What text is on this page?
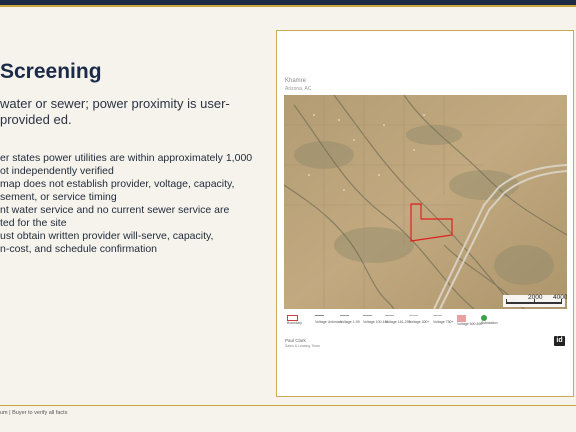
Screening

water or sewer; power proximity is user-provided ed.

er states power utilities are within approximately 1,000
ot independently verified
map does not establish provider, voltage, capacity,
sement, or service timing
nt water service and no current sewer service are
ted for the site
ust obtain written provider will-serve, capacity,
n-cost, and schedule confirmation
Khamre
Arizona, AC
2000 4000
Boundary	Voltage Unknown
Voltage 1-99 Voltage 100-161
Voltage 161-299
Voltage 300+ Voltage 750+ Voltage 500-699
Substation
Paul Clark
Sales & Leasing Team
id
um | Buyer to verify all facts
